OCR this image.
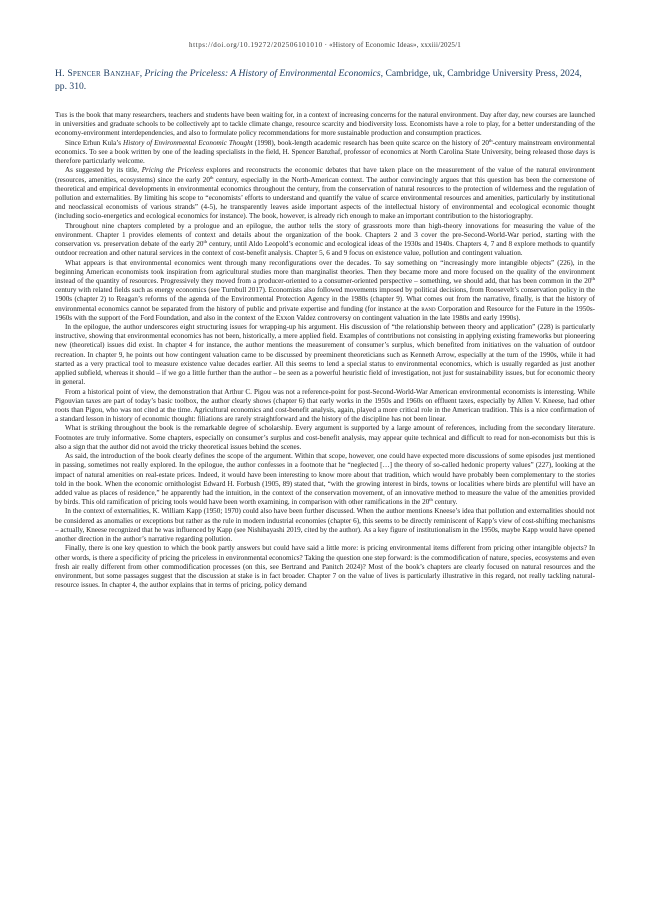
https://doi.org/10.19272/202506101010 · «History of Economic Ideas», xxxiii/2025/1
H. Spencer Banzhaf, Pricing the Priceless: A History of Environmental Economics, Cambridge, uk, Cambridge University Press, 2024, pp. 310.

This is the book that many researchers, teachers and students have been waiting for, in a context of increasing concerns for the natural environment. Day after day, new courses are launched in universities and graduate schools to be collectively apt to tackle climate change, resource scarcity and biodiversity loss. Economists have a role to play, for a better understanding of the economy-environment interdependencies, and also to formulate policy recommendations for more sustainable production and consumption practices.

Since Erhun Kula’s History of Environmental Economic Thought (1998), book-length academic research has been quite scarce on the history of 20th-century mainstream environmental economics. To see a book written by one of the leading specialists in the field, H. Spencer Banzhaf, professor of economics at North Carolina State University, being released those days is therefore particularly welcome.

As suggested by its title, Pricing the Priceless explores and reconstructs the economic debates that have taken place on the measurement of the value of the natural environment (resources, amenities, ecosystems) since the early 20th century, especially in the North-American context. The author convincingly argues that this question has been the cornerstone of theoretical and empirical developments in environmental economics throughout the century, from the conservation of natural resources to the protection of wilderness and the regulation of pollution and externalities. By limiting his scope to “economists’ efforts to understand and quantify the value of scarce environmental resources and amenities, particularly by institutional and neoclassical economists of various strands” (4-5), he transparently leaves aside important aspects of the intellectual history of environmental and ecological economic thought (including socio-energetics and ecological economics for instance). The book, however, is already rich enough to make an important contribution to the historiography.

Throughout nine chapters completed by a prologue and an epilogue, the author tells the story of grassroots more than high-theory innovations for measuring the value of the environment. Chapter 1 provides elements of context and details about the organization of the book. Chapters 2 and 3 cover the pre-Second-World-War period, starting with the conservation vs. preservation debate of the early 20th century, until Aldo Leopold’s economic and ecological ideas of the 1930s and 1940s. Chapters 4, 7 and 8 explore methods to quantify outdoor recreation and other natural services in the context of cost-benefit analysis. Chapter 5, 6 and 9 focus on existence value, pollution and contingent valuation.

What appears is that environmental economics went through many reconfigurations over the decades. To say something on “increasingly more intangible objects” (226), in the beginning American economists took inspiration from agricultural studies more than marginalist theories. Then they became more and more focused on the quality of the environment instead of the quantity of resources. Progressively they moved from a producer-oriented to a consumer-oriented perspective – something, we should add, that has been common in the 20th century with related fields such as energy economics (see Turnbull 2017). Economists also followed movements imposed by political decisions, from Roosevelt’s conservation policy in the 1900s (chapter 2) to Reagan’s reforms of the agenda of the Environmental Protection Agency in the 1980s (chapter 9). What comes out from the narrative, finally, is that the history of environmental economics cannot be separated from the history of public and private expertise and funding (for instance at the rand Corporation and Resource for the Future in the 1950s-1960s with the support of the Ford Foundation, and also in the context of the Exxon Valdez controversy on contingent valuation in the late 1980s and early 1990s).

In the epilogue, the author underscores eight structuring issues for wrapping-up his argument. His discussion of “the relationship between theory and application” (228) is particularly instructive, showing that environmental economics has not been, historically, a mere applied field. Examples of contributions not consisting in applying existing frameworks but pioneering new (theoretical) issues did exist. In chapter 4 for instance, the author mentions the measurement of consumer’s surplus, which benefited from initiatives on the valuation of outdoor recreation. In chapter 9, he points out how contingent valuation came to be discussed by preeminent theoreticians such as Kenneth Arrow, especially at the turn of the 1990s, while it had started as a very practical tool to measure existence value decades earlier. All this seems to lend a special status to environmental economics, which is usually regarded as just another applied subfield, whereas it should – if we go a little further than the author – be seen as a powerful heuristic field of investigation, not just for sustainability issues, but for economic theory in general.

From a historical point of view, the demonstration that Arthur C. Pigou was not a reference-point for post-Second-World-War American environmental economists is interesting. While Pigouvian taxes are part of today’s basic toolbox, the author clearly shows (chapter 6) that early works in the 1950s and 1960s on effluent taxes, especially by Allen V. Kneese, had other roots than Pigou, who was not cited at the time. Agricultural economics and cost-benefit analysis, again, played a more critical role in the American tradition. This is a nice confirmation of a standard lesson in history of economic thought: filiations are rarely straightforward and the history of the discipline has not been linear.

What is striking throughout the book is the remarkable degree of scholarship. Every argument is supported by a large amount of references, including from the secondary literature. Footnotes are truly informative. Some chapters, especially on consumer’s surplus and cost-benefit analysis, may appear quite technical and difficult to read for non-economists but this is also a sign that the author did not avoid the tricky theoretical issues behind the scenes.

As said, the introduction of the book clearly defines the scope of the argument. Within that scope, however, one could have expected more discussions of some episodes just mentioned in passing, sometimes not really explored. In the epilogue, the author confesses in a footnote that he “neglected […] the theory of so-called hedonic property values” (227), looking at the impact of natural amenities on real-estate prices. Indeed, it would have been interesting to know more about that tradition, which would have probably been complementary to the stories told in the book. When the economic ornithologist Edward H. Forbush (1905, 89) stated that, “with the growing interest in birds, towns or localities where birds are plentiful will have an added value as places of residence,” he apparently had the intuition, in the context of the conservation movement, of an innovative method to measure the value of the amenities provided by birds. This old ramification of pricing tools would have been worth examining, in comparison with other ramifications in the 20th century.

In the context of externalities, K. William Kapp (1950; 1970) could also have been further discussed. When the author mentions Kneese’s idea that pollution and externalities should not be considered as anomalies or exceptions but rather as the rule in modern industrial economies (chapter 6), this seems to be directly reminiscent of Kapp’s view of cost-shifting mechanisms – actually, Kneese recognized that he was influenced by Kapp (see Nishibayashi 2019, cited by the author). As a key figure of institutionalism in the 1950s, maybe Kapp would have opened another direction in the author’s narrative regarding pollution.

Finally, there is one key question to which the book partly answers but could have said a little more: is pricing environmental items different from pricing other intangible objects? In other words, is there a specificity of pricing the priceless in environmental economics? Taking the question one step forward: is the commodification of nature, species, ecosystems and even fresh air really different from other commodification processes (on this, see Bertrand and Panitch 2024)? Most of the book’s chapters are clearly focused on natural resources and the environment, but some passages suggest that the discussion at stake is in fact broader. Chapter 7 on the value of lives is particularly illustrative in this regard, not really tackling natural-resource issues. In chapter 4, the author explains that in terms of pricing, policy demand
